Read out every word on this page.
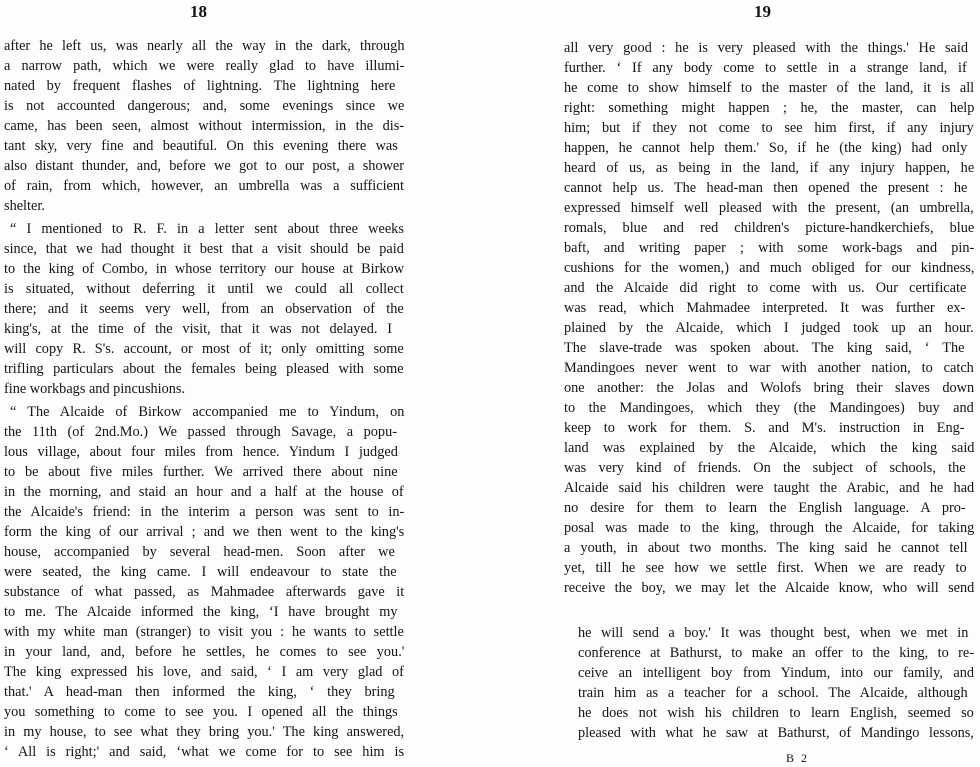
18
after he left us, was nearly all the way in the dark, through
a narrow path, which we were really glad to have illumi-
nated by frequent flashes of lightning. The lightning here
is not accounted dangerous; and, some evenings since we
came, has been seen, almost without intermission, in the dis-
tant sky, very fine and beautiful. On this evening there was
also distant thunder, and, before we got to our post, a shower
of rain, from which, however, an umbrella was a sufficient
shelter.
“ I mentioned to R. F. in a letter sent about three weeks
since, that we had thought it best that a visit should be paid
to the king of Combo, in whose territory our house at Birkow
is situated, without deferring it until we could all collect
there; and it seems very well, from an observation of the
king's, at the time of the visit, that it was not delayed. I
will copy R. S's. account, or most of it; only omitting some
trifling particulars about the females being pleased with some
fine workbags and pincushions.
“ The Alcaide of Birkow accompanied me to Yindum, on
the 11th (of 2nd.Mo.) We passed through Savage, a popu-
lous village, about four miles from hence. Yindum I judged
to be about five miles further. We arrived there about nine
in the morning, and staid an hour and a half at the house of
the Alcaide's friend: in the interim a person was sent to in-
form the king of our arrival ; and we then went to the king's
house, accompanied by several head-men. Soon after we
were seated, the king came. I will endeavour to state the
substance of what passed, as Mahmadee afterwards gave it
to me. The Alcaide informed the king, ‘I have brought my
with my white man (stranger) to visit you : he wants to settle
in your land, and, before he settles, he comes to see you.'
The king expressed his love, and said, ‘ I am very glad of
that.' A head-man then informed the king, ‘ they bring
you something to come to see you. I opened all the things
in my house, to see what they bring you.' The king answered,
‘ All is right;' and said, ‘what we come for to see him is
19
all very good : he is very pleased with the things.' He said
further. ‘ If any body come to settle in a strange land, if
he come to show himself to the master of the land, it is all
right: something might happen ; he, the master, can help
him; but if they not come to see him first, if any injury
happen, he cannot help them.' So, if he (the king) had only
heard of us, as being in the land, if any injury happen, he
cannot help us. The head-man then opened the present : he
expressed himself well pleased with the present, (an umbrella,
romals, blue and red children's picture-handkerchiefs, blue
baft, and writing paper ; with some work-bags and pin-
cushions for the women,) and much obliged for our kindness,
and the Alcaide did right to come with us. Our certificate
was read, which Mahmadee interpreted. It was further ex-
plained by the Alcaide, which I judged took up an hour.
The slave-trade was spoken about. The king said, ‘ The
Mandingoes never went to war with another nation, to catch
one another: the Jolas and Wolofs bring their slaves down
to the Mandingoes, which they (the Mandingoes) buy and
keep to work for them. S. and M's. instruction in Eng-
land was explained by the Alcaide, which the king said
was very kind of friends. On the subject of schools, the
Alcaide said his children were taught the Arabic, and he had
no desire for them to learn the English language. A pro-
posal was made to the king, through the Alcaide, for taking
a youth, in about two months. The king said he cannot tell
yet, till he see how we settle first. When we are ready to
receive the boy, we may let the Alcaide know, who will send
he will send a boy.' It was thought best, when we met in
conference at Bathurst, to make an offer to the king, to re-
ceive an intelligent boy from Yindum, into our family, and
train him as a teacher for a school. The Alcaide, although
he does not wish his children to learn English, seemed so
pleased with what he saw at Bathurst, of Mandingo lessons,
B 2
